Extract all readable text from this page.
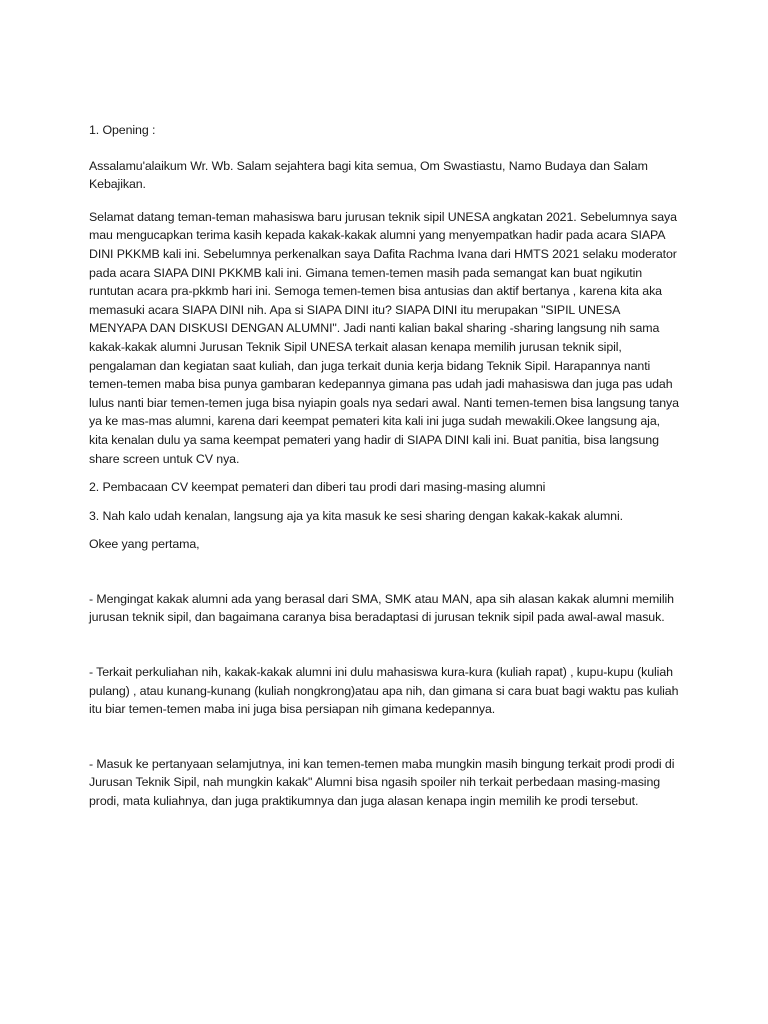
1. Opening :

Assalamu'alaikum Wr. Wb. Salam sejahtera bagi kita semua, Om Swastiastu, Namo Budaya dan Salam Kebajikan.

Selamat datang teman-teman mahasiswa baru jurusan teknik sipil UNESA angkatan 2021. Sebelumnya saya mau mengucapkan terima kasih kepada kakak-kakak alumni yang menyempatkan hadir pada acara SIAPA DINI PKKMB kali ini. Sebelumnya perkenalkan saya Dafita Rachma Ivana dari HMTS 2021 selaku moderator pada acara SIAPA DINI PKKMB kali ini. Gimana temen-temen masih pada semangat kan buat ngikutin runtutan acara pra-pkkmb hari ini. Semoga temen-temen bisa antusias dan aktif bertanya , karena kita aka memasuki acara SIAPA DINI nih. Apa si SIAPA DINI itu? SIAPA DINI itu merupakan "SIPIL UNESA MENYAPA DAN DISKUSI DENGAN ALUMNI". Jadi nanti kalian bakal sharing -sharing langsung nih sama kakak-kakak alumni Jurusan Teknik Sipil UNESA terkait alasan kenapa memilih jurusan teknik sipil, pengalaman dan kegiatan saat kuliah, dan juga terkait dunia kerja bidang Teknik Sipil. Harapannya nanti temen-temen maba bisa punya gambaran kedepannya gimana pas udah jadi mahasiswa dan juga pas udah lulus nanti biar temen-temen juga bisa nyiapin goals nya sedari awal. Nanti temen-temen bisa langsung tanya ya ke mas-mas alumni, karena dari keempat pemateri kita kali ini juga sudah mewakili.Okee langsung aja, kita kenalan dulu ya sama keempat pemateri yang hadir di SIAPA DINI kali ini. Buat panitia, bisa langsung share screen untuk CV nya.

2. Pembacaan CV keempat pemateri dan diberi tau prodi dari masing-masing alumni

3. Nah kalo udah kenalan, langsung aja ya kita masuk ke sesi sharing dengan kakak-kakak alumni.

Okee yang pertama,

- Mengingat kakak alumni ada yang berasal dari SMA, SMK atau MAN, apa sih alasan kakak alumni memilih jurusan teknik sipil, dan bagaimana caranya bisa beradaptasi di jurusan teknik sipil pada awal-awal masuk.

- Terkait perkuliahan nih, kakak-kakak alumni ini dulu mahasiswa kura-kura (kuliah rapat) , kupu-kupu (kuliah pulang) , atau kunang-kunang (kuliah nongkrong)atau apa nih, dan gimana si cara buat bagi waktu pas kuliah itu biar temen-temen maba ini juga bisa persiapan nih gimana kedepannya.

- Masuk ke pertanyaan selamjutnya, ini kan temen-temen maba mungkin masih bingung terkait prodi prodi di Jurusan Teknik Sipil, nah mungkin kakak" Alumni bisa ngasih spoiler nih terkait perbedaan masing-masing prodi, mata kuliahnya, dan juga praktikumnya dan juga alasan kenapa ingin memilih ke prodi tersebut.
